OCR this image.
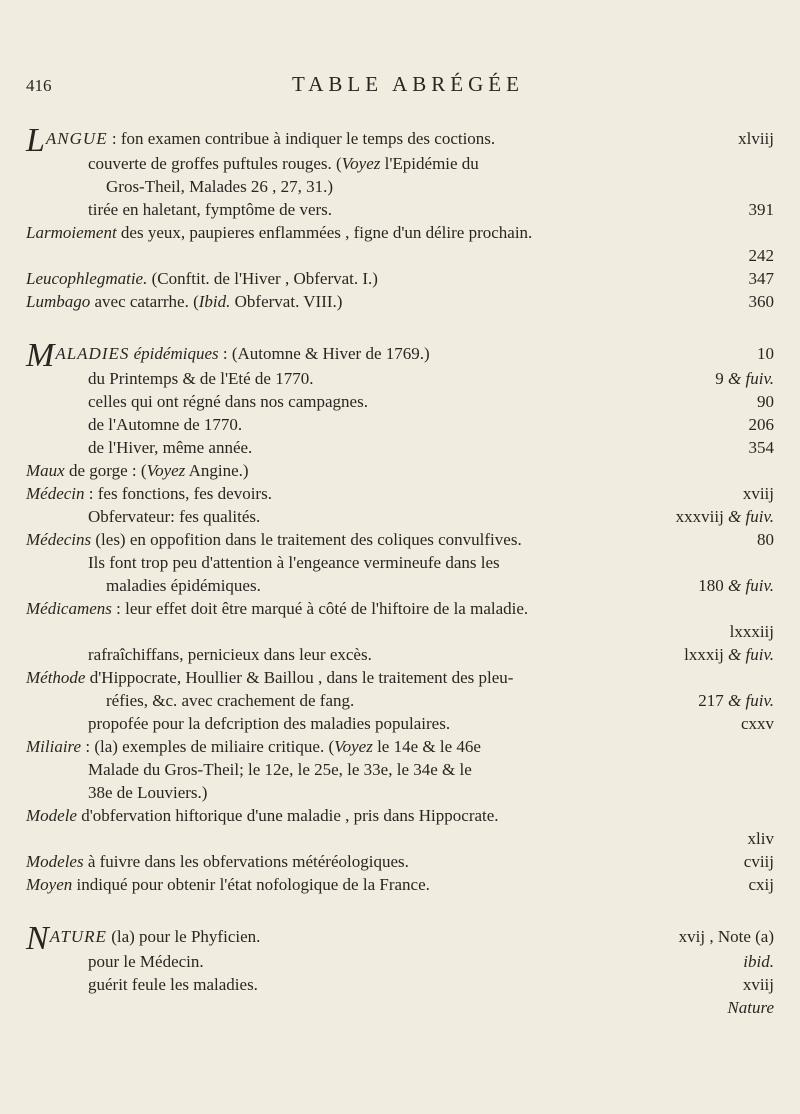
416	TABLE ABRÉGÉE
LANGUE : fon examen contribue à indiquer le temps des coctions.	xlviij
couverte de groffes puftules rouges. (Voyez l'Epidémie du
Gros-Theil, Malades 26 , 27, 31.)
tirée en haletant, fymptôme de vers.	391
Larmoiement des yeux, paupieres enflammées , figne d'un délire prochain.
242
Leucophlegmatie. (Conftit. de l'Hiver , Obfervat. I.)	347
Lumbago avec catarrhe. (Ibid. Obfervat. VIII.)	360
MALADIES épidémiques : (Automne & Hiver de 1769.)	10
du Printemps & de l'Eté de 1770.	9 & fuiv.
celles qui ont régné dans nos campagnes.	90
de l'Automne de 1770.	206
de l'Hiver, même année.	354
Maux de gorge : (Voyez Angine.)
Médecin : fes fonctions, fes devoirs.	xviij
Obfervateur: fes qualités.	xxxviij & fuiv.
Médecins (les) en oppofition dans le traitement des coliques convulfives.	80
Ils font trop peu d'attention à l'engeance vermineufe dans les
maladies épidémiques.	180 & fuiv.
Médicamens : leur effet doit être marqué à côté de l'hiftoire de la maladie.
lxxxiij
rafraîchiffans, pernicieux dans leur excès.	lxxxij & fuiv.
Méthode d'Hippocrate, Houllier & Baillou , dans le traitement des pleu-
réfies, &c. avec crachement de fang.	217 & fuiv.
propofée pour la defcription des maladies populaires.	cxxv
Miliaire : (la) exemples de miliaire critique. (Voyez le 14e & le 46e
Malade du Gros-Theil; le 12e, le 25e, le 33e, le 34e & le
38e de Louviers.)
Modele d'obfervation hiftorique d'une maladie , pris dans Hippocrate.
xliv
Modeles à fuivre dans les obfervations météréologiques.	cviij
Moyen indiqué pour obtenir l'état nofologique de la France.	cxij
NATURE (la) pour le Phyficien.	xvij , Note (a)
pour le Médecin.	ibid.
guérit feule les maladies.	xviij
Nature
